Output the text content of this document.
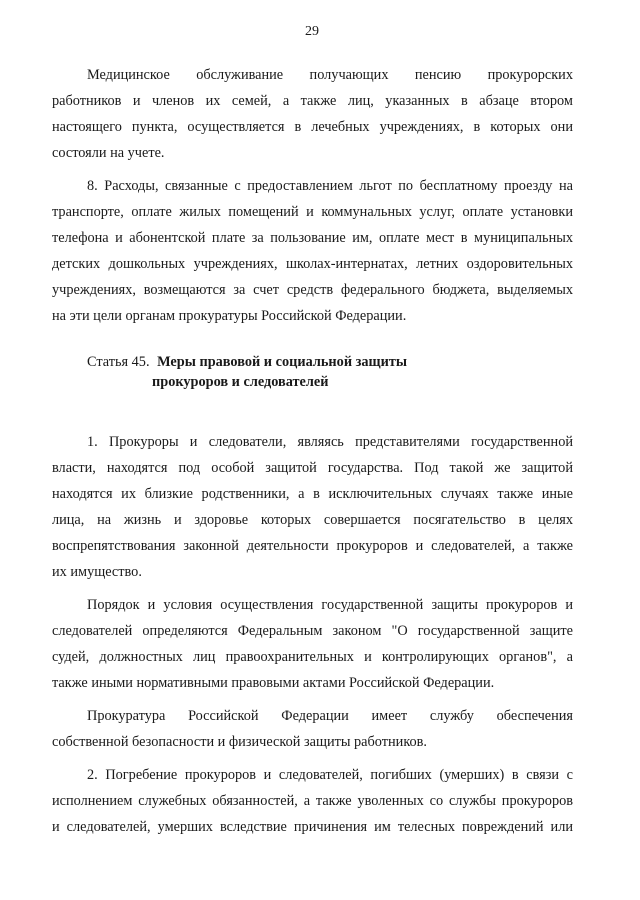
29
Медицинское обслуживание получающих пенсию прокурорских
работников и членов их семей, а также лиц, указанных в абзаце втором
настоящего пункта, осуществляется в лечебных учреждениях, в которых они
состояли на учете.
8. Расходы, связанные с предоставлением льгот по бесплатному проезду на
транспорте, оплате жилых помещений и коммунальных услуг, оплате установки
телефона и абонентской плате за пользование им, оплате мест в муниципальных
детских дошкольных учреждениях, школах-интернатах, летних оздоровительных
учреждениях, возмещаются за счет средств федерального бюджета, выделяемых
на эти цели органам прокуратуры Российской Федерации.
Статья 45. Меры правовой и социальной защиты
прокуроров и следователей
1. Прокуроры и следователи, являясь представителями государственной
власти, находятся под особой защитой государства. Под такой же защитой
находятся их близкие родственники, а в исключительных случаях также иные
лица, на жизнь и здоровье которых совершается посягательство в целях
воспрепятствования законной деятельности прокуроров и следователей, а также
их имущество.
Порядок и условия осуществления государственной защиты прокуроров и
следователей определяются Федеральным законом "О государственной защите
судей, должностных лиц правоохранительных и контролирующих органов", а
также иными нормативными правовыми актами Российской Федерации.
Прокуратура Российской Федерации имеет службу обеспечения
собственной безопасности и физической защиты работников.
2. Погребение прокуроров и следователей, погибших (умерших) в связи с
исполнением служебных обязанностей, а также уволенных со службы прокуроров
и следователей, умерших вследствие причинения им телесных повреждений или
